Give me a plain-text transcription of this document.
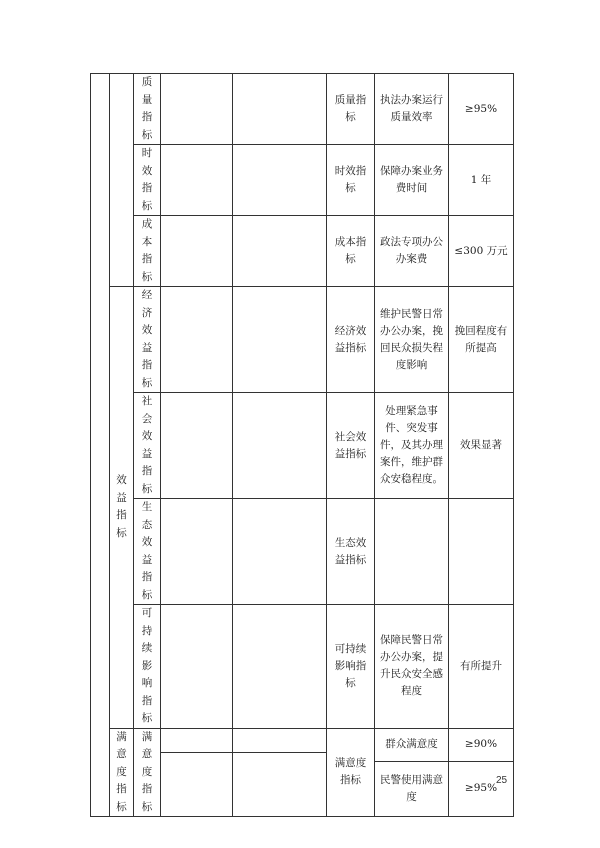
		质量指标			质量指标	执法办案运行质量效率	≥95%

		时效指标			时效指标	保障办案业务费时间	1 年

		成本指标			成本指标	政法专项办公办案费	≤300 万元

	效益指标	经济效益指标			经济效益指标	维护民警日常办公办案，挽回民众损失程度影响	挽回程度有所提高

		社会效益指标			社会效益指标	处理紧急事件、突发事件，及其办理案件，维护群众安稳程度。	效果显著

		生态效益指标			生态效益指标		

		可持续影响指标			可持续影响指标	保障民警日常办公办案，提升民众安全感程度	有所提升

	满意度指标	满意度指标			满意度指标	群众满意度	≥90%

						民警使用满意度	≥95%

25
